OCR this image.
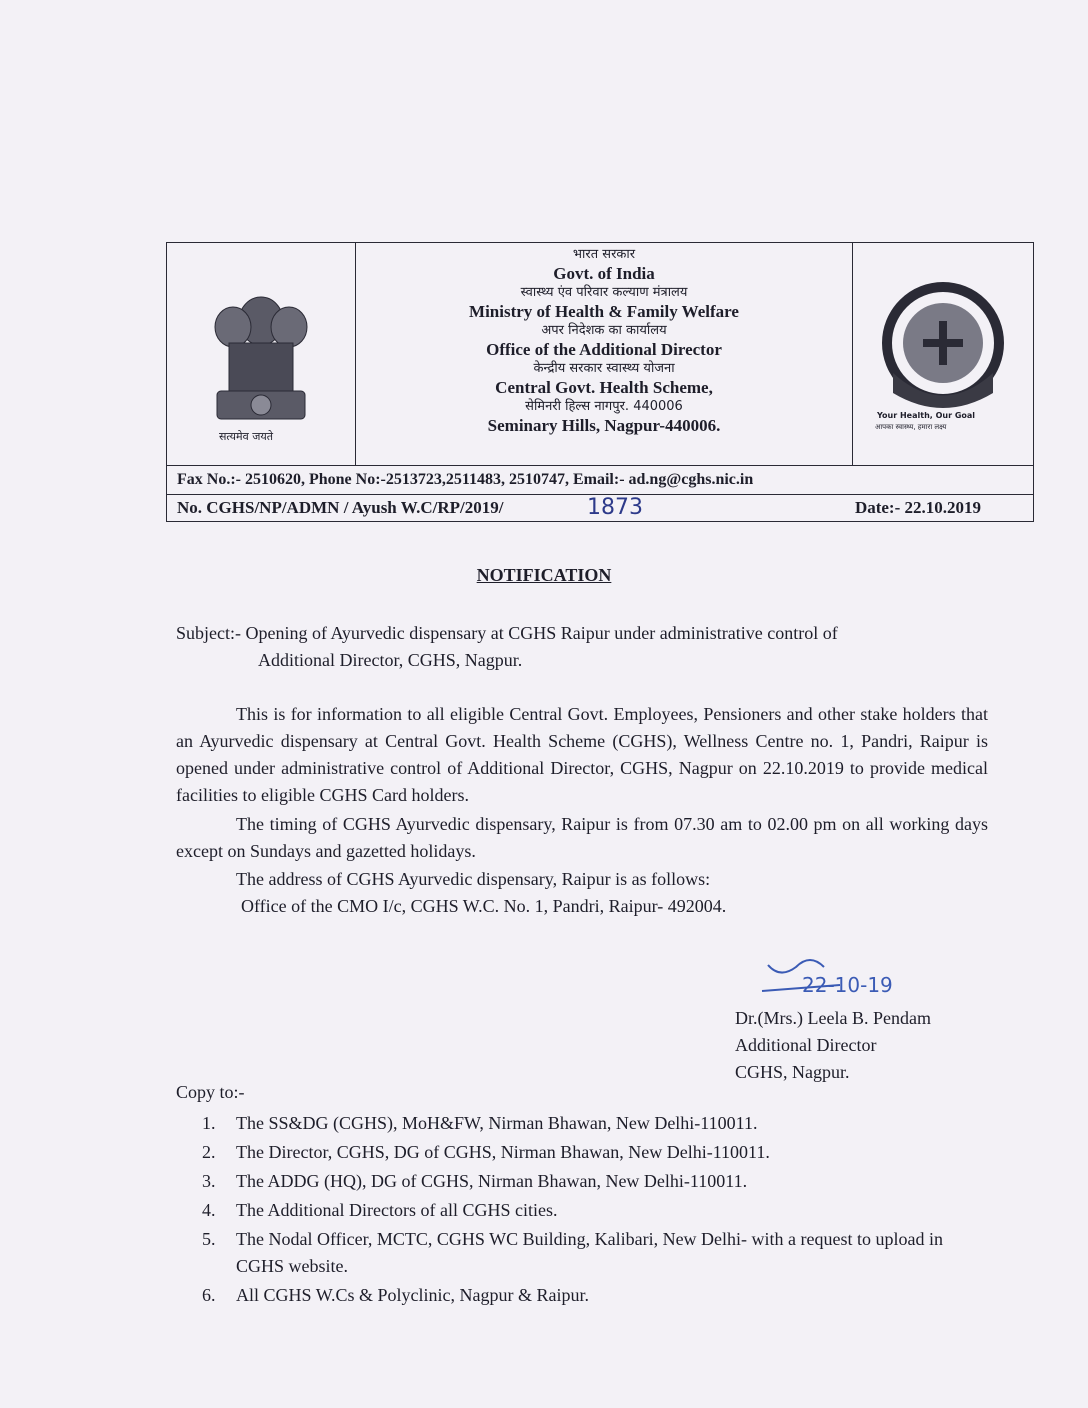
सत्यमेव जयते
भारत सरकार
Govt. of India
स्वास्थ्य एंव परिवार कल्याण मंत्रालय
Ministry of Health & Family Welfare
अपर निदेशक का कार्यालय
Office of the Additional Director
केन्द्रीय सरकार स्वास्थ्य योजना
Central Govt. Health Scheme,
सेमिनरी हिल्स नागपुर. 440006
Seminary Hills, Nagpur-440006.
Your Health, Our Goal
आपका स्वास्थ्य, हमारा लक्ष्य
Fax No.:- 2510620, Phone No:-2513723,2511483, 2510747, Email:- ad.ng@cghs.nic.in
No. CGHS/NP/ADMN / Ayush W.C/RP/2019/	1873	Date:- 22.10.2019
NOTIFICATION
Subject:- Opening of Ayurvedic dispensary at CGHS Raipur under administrative control of
Additional Director, CGHS, Nagpur.
This is for information to all eligible Central Govt. Employees, Pensioners and other stake holders that an Ayurvedic dispensary at Central Govt. Health Scheme (CGHS), Wellness Centre no. 1, Pandri, Raipur is opened under administrative control of Additional Director, CGHS, Nagpur on 22.10.2019 to provide medical facilities to eligible CGHS Card holders.
The timing of CGHS Ayurvedic dispensary, Raipur is from 07.30 am to 02.00 pm on all working days except on Sundays and gazetted holidays.
The address of CGHS Ayurvedic dispensary, Raipur is as follows:
Office of the CMO I/c, CGHS W.C. No. 1, Pandri, Raipur- 492004.
22-10-19
Dr.(Mrs.) Leela B. Pendam
Additional Director
CGHS, Nagpur.
Copy to:-
1. The SS&DG (CGHS), MoH&FW, Nirman Bhawan, New Delhi-110011.
2. The Director, CGHS, DG of CGHS, Nirman Bhawan, New Delhi-110011.
3. The ADDG (HQ), DG of CGHS, Nirman Bhawan, New Delhi-110011.
4. The Additional Directors of all CGHS cities.
5. The Nodal Officer, MCTC, CGHS WC Building, Kalibari, New Delhi- with a request to upload in CGHS website.
6. All CGHS W.Cs & Polyclinic, Nagpur & Raipur.
